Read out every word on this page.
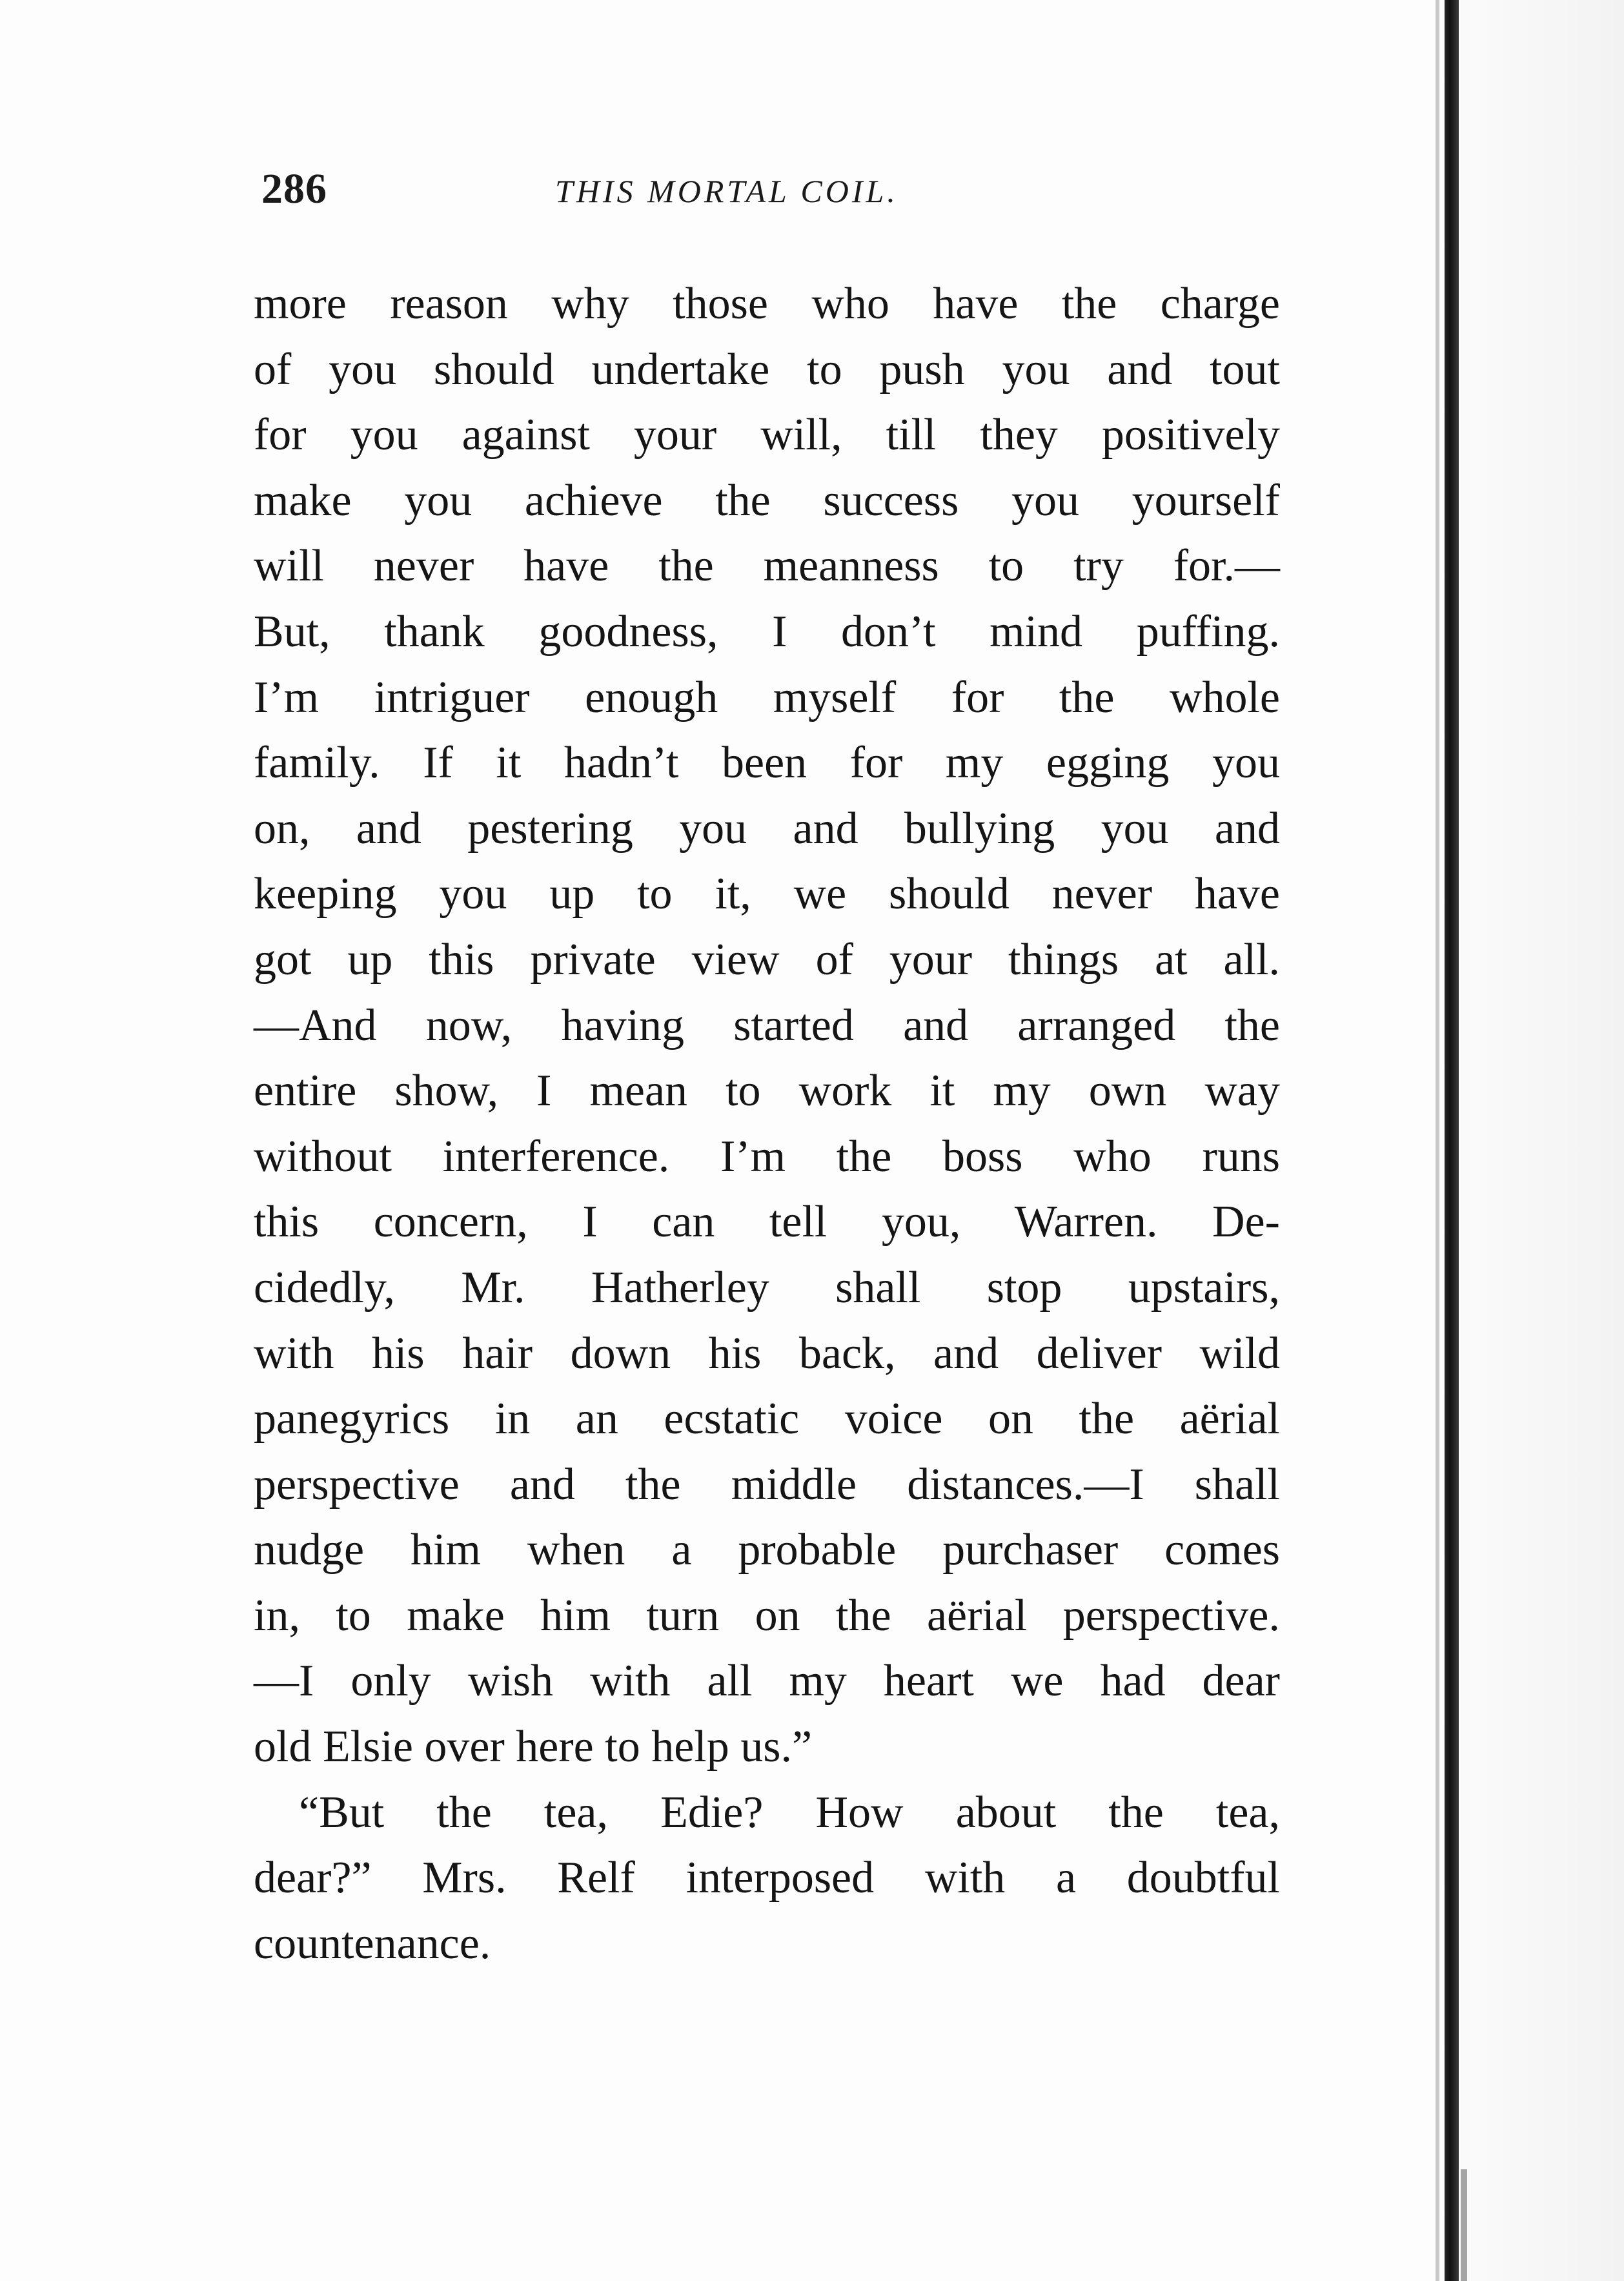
286	THIS MORTAL COIL.
more reason why those who have the charge
of you should undertake to push you and tout
for you against your will, till they positively
make you achieve the success you yourself
will never have the meanness to try for.—
But, thank goodness, I don’t mind puffing.
I’m intriguer enough myself for the whole
family. If it hadn’t been for my egging you
on, and pestering you and bullying you and
keeping you up to it, we should never have
got up this private view of your things at all.
—And now, having started and arranged the
entire show, I mean to work it my own way
without interference. I’m the boss who runs
this concern, I can tell you, Warren. De-
cidedly, Mr. Hatherley shall stop upstairs,
with his hair down his back, and deliver wild
panegyrics in an ecstatic voice on the aërial
perspective and the middle distances.—I shall
nudge him when a probable purchaser comes
in, to make him turn on the aërial perspective.
—I only wish with all my heart we had dear
old Elsie over here to help us.”
“But the tea, Edie? How about the tea,
dear?” Mrs. Relf interposed with a doubtful
countenance.
